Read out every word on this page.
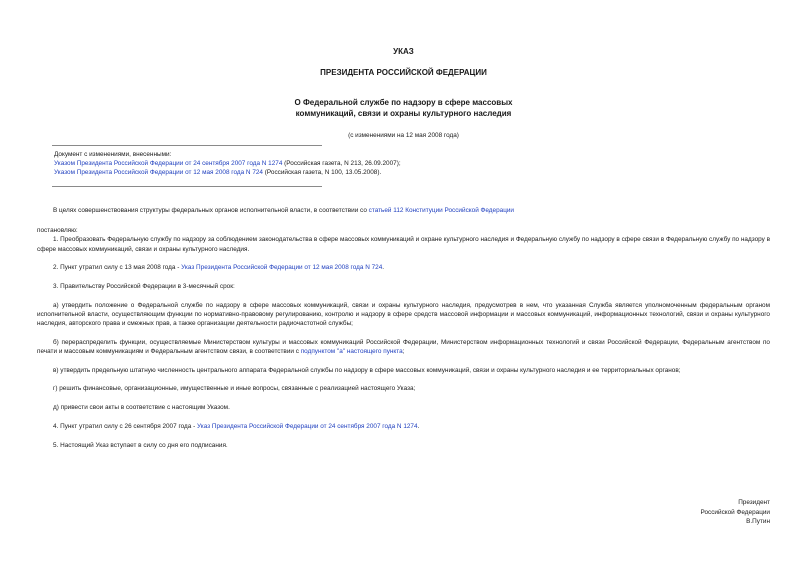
УКАЗ
ПРЕЗИДЕНТА РОССИЙСКОЙ ФЕДЕРАЦИИ
О Федеральной службе по надзору в сфере массовых
коммуникаций, связи и охраны культурного наследия
(с изменениями на 12 мая 2008 года)
Документ с изменениями, внесенными:
Указом Президента Российской Федерации от 24 сентября 2007 года N 1274 (Российская газета, N 213, 26.09.2007);
Указом Президента Российской Федерации от 12 мая 2008 года N 724 (Российская газета, N 100, 13.05.2008).

В целях совершенствования структуры федеральных органов исполнительной власти, в соответствии со статьей 112 Конституции Российской Федерации

постановляю:

1. Преобразовать Федеральную службу по надзору за соблюдением законодательства в сфере массовых коммуникаций и охране культурного наследия и Федеральную службу по надзору в сфере связи в Федеральную службу по надзору в сфере массовых коммуникаций, связи и охраны культурного наследия.

2. Пункт утратил силу с 13 мая 2008 года - Указ Президента Российской Федерации от 12 мая 2008 года N 724.

3. Правительству Российской Федерации в 3-месячный срок:

а) утвердить положение о Федеральной службе по надзору в сфере массовых коммуникаций, связи и охраны культурного наследия, предусмотрев в нем, что указанная Служба является уполномоченным федеральным органом исполнительной власти, осуществляющим функции по нормативно-правовому регулированию, контролю и надзору в сфере средств массовой информации и массовых коммуникаций, информационных технологий, связи и охраны культурного наследия, авторского права и смежных прав, а также организации деятельности радиочастотной службы;

б) перераспределить функции, осуществляемые Министерством культуры и массовых коммуникаций Российской Федерации, Министерством информационных технологий и связи Российской Федерации, Федеральным агентством по печати и массовым коммуникациям и Федеральным агентством связи, в соответствии с подпунктом "а" настоящего пункта;

в) утвердить предельную штатную численность центрального аппарата Федеральной службы по надзору в сфере массовых коммуникаций, связи и охраны культурного наследия и ее территориальных органов;

г) решить финансовые, организационные, имущественные и иные вопросы, связанные с реализацией настоящего Указа;

д) привести свои акты в соответствие с настоящим Указом.

4. Пункт утратил силу с 26 сентября 2007 года - Указ Президента Российской Федерации от 24 сентября 2007 года N 1274.

5. Настоящий Указ вступает в силу со дня его подписания.

Президент
Российской Федерации
В.Путин
